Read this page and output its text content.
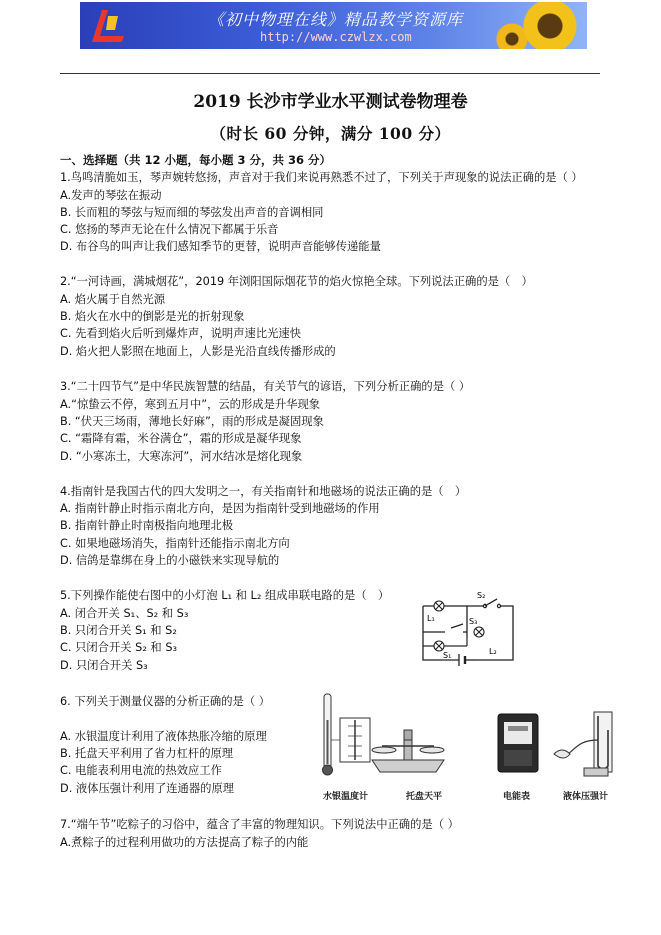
《初中物理在线》精品教学资源库
http://www.czwlzx.com
2019 长沙市学业水平测试卷物理卷
（时长 60 分钟，满分 100 分）
一、选择题（共 12 小题，每小题 3 分，共 36 分）
1.鸟鸣清脆如玉，琴声婉转悠扬，声音对于我们来说再熟悉不过了，下列关于声现象的说法正确的是（ ）
A.发声的琴弦在振动
B. 长而粗的琴弦与短而细的琴弦发出声音的音调相同
C. 悠扬的琴声无论在什么情况下都属于乐音
D. 布谷鸟的叫声让我们感知季节的更替，说明声音能够传递能量
2.“一河诗画，满城烟花”，2019 年浏阳国际烟花节的焰火惊艳全球。下列说法正确的是（　）
A. 焰火属于自然光源
B. 焰火在水中的倒影是光的折射现象
C. 先看到焰火后听到爆炸声，说明声速比光速快
D. 焰火把人影照在地面上，人影是光沿直线传播形成的
3.“二十四节气”是中华民族智慧的结晶，有关节气的谚语，下列分析正确的是（ ）
A.“惊蛰云不停，寒到五月中”，云的形成是升华现象
B. “伏天三场雨，薄地长好麻”，雨的形成是凝固现象
C. “霜降有霜，米谷满仓”，霜的形成是凝华现象
D. “小寒冻土，大寒冻河”，河水结冰是熔化现象
4.指南针是我国古代的四大发明之一，有关指南针和地磁场的说法正确的是（　）
A. 指南针静止时指示南北方向，是因为指南针受到地磁场的作用
B. 指南针静止时南极指向地理北极
C. 如果地磁场消失，指南针还能指示南北方向
D. 信鸽是靠绑在身上的小磁铁来实现导航的
5.下列操作能使右图中的小灯泡 L₁ 和 L₂ 组成串联电路的是（　）
A. 闭合开关 S₁、S₂ 和 S₃
B. 只闭合开关 S₁ 和 S₂
C. 只闭合开关 S₂ 和 S₃
D. 只闭合开关 S₃
S₂
L₁	S₃
S₁	L₂
6. 下列关于测量仪器的分析正确的是（ ）
A. 水银温度计利用了液体热胀冷缩的原理
B. 托盘天平利用了省力杠杆的原理
C. 电能表利用电流的热效应工作
D. 液体压强计利用了连通器的原理
水银温度计	托盘天平	电能表	液体压强计
7.“端午节”吃粽子的习俗中，蕴含了丰富的物理知识。下列说法中正确的是（ ）
A.煮粽子的过程利用做功的方法提高了粽子的内能
